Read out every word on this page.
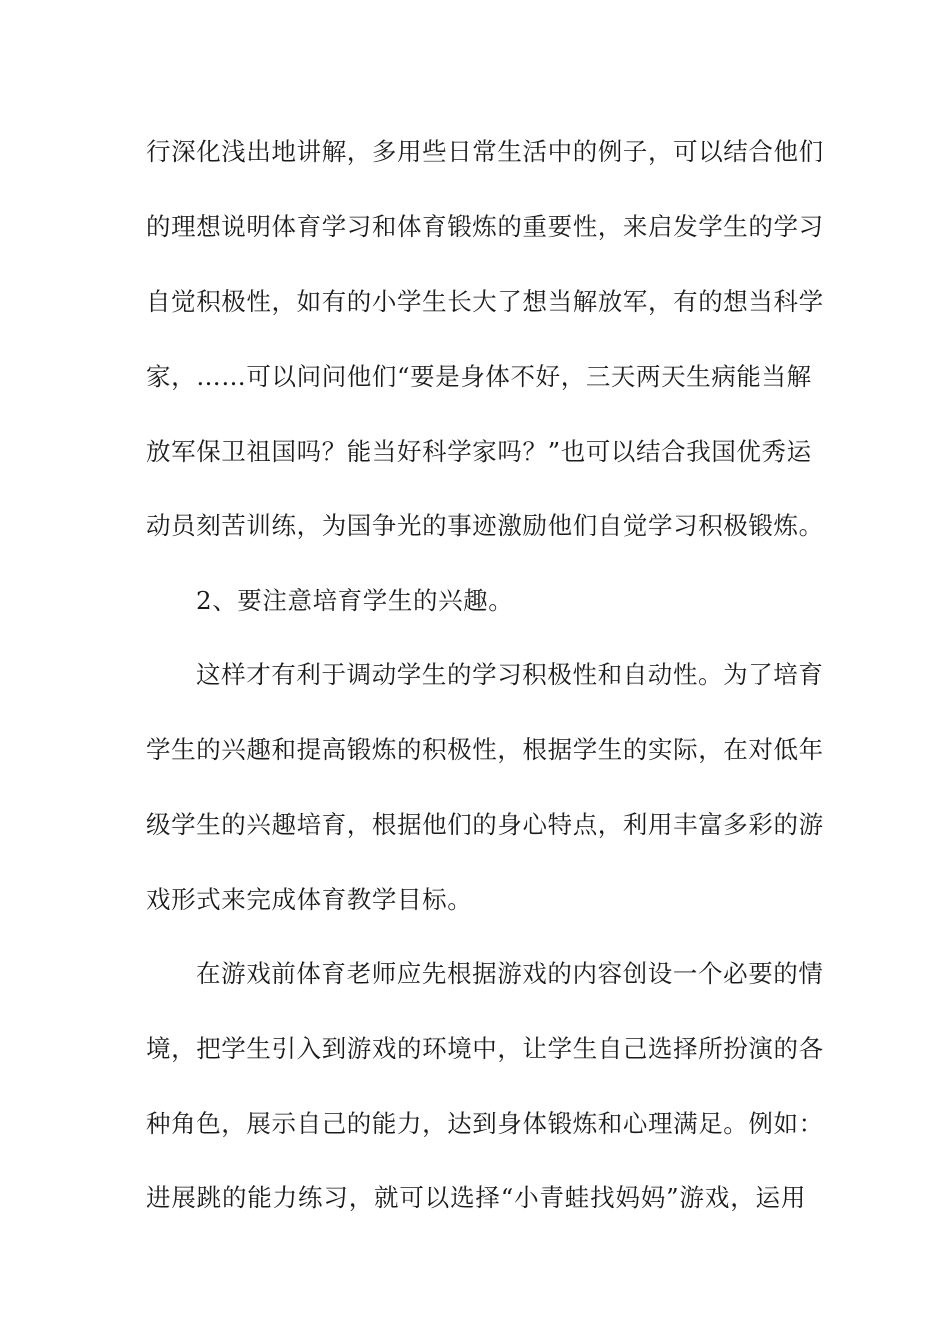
行深化浅出地讲解，多用些日常生活中的例子，可以结合他们
的理想说明体育学习和体育锻炼的重要性，来启发学生的学习
自觉积极性，如有的小学生长大了想当解放军，有的想当科学
家，……可以问问他们“要是身体不好，三天两天生病能当解
放军保卫祖国吗？能当好科学家吗？”也可以结合我国优秀运
动员刻苦训练，为国争光的事迹激励他们自觉学习积极锻炼。
2、要注意培育学生的兴趣。
这样才有利于调动学生的学习积极性和自动性。为了培育
学生的兴趣和提高锻炼的积极性，根据学生的实际，在对低年
级学生的兴趣培育，根据他们的身心特点，利用丰富多彩的游
戏形式来完成体育教学目标。
在游戏前体育老师应先根据游戏的内容创设一个必要的情
境，把学生引入到游戏的环境中，让学生自己选择所扮演的各
种角色，展示自己的能力，达到身体锻炼和心理满足。例如：
进展跳的能力练习，就可以选择“小青蛙找妈妈”游戏，运用
